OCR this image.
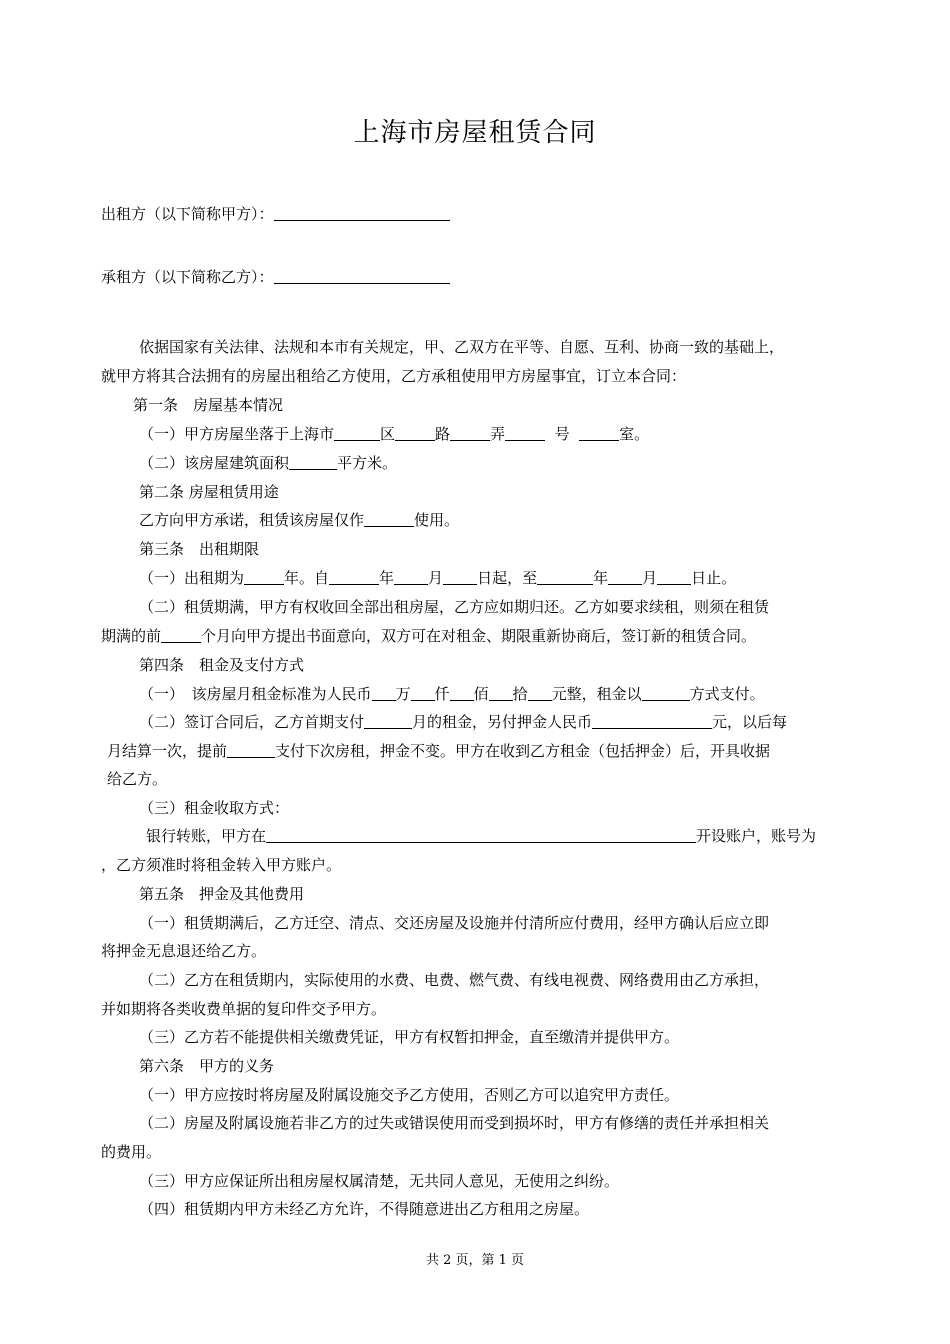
上海市房屋租赁合同
出租方（以下简称甲方）：
承租方（以下简称乙方）：
依据国家有关法律、法规和本市有关规定，甲、乙双方在平等、自愿、互利、协商一致的基础上，
就甲方将其合法拥有的房屋出租给乙方使用，乙方承租使用甲方房屋事宜，订立本合同：
第一条　房屋基本情况
（一）甲方房屋坐落于上海市	区	路	弄	号	室。
（二）该房屋建筑面积	平方米。
第二条 房屋租赁用途
乙方向甲方承诺，租赁该房屋仅作	使用。
第三条　出租期限
（一）出租期为	年。自	年 月 日起，至	年 月 日止。
（二）租赁期满，甲方有权收回全部出租房屋，乙方应如期归还。乙方如要求续租，则须在租赁
期满的前	个月向甲方提出书面意向，双方可在对租金、期限重新协商后，签订新的租赁合同。
第四条　租金及支付方式
（一）　该房屋月租金标准为人民币 万 仟 佰 拾 元整，租金以	方式支付。
（二）签订合同后，乙方首期支付	月的租金，另付押金人民币	元，以后每
月结算一次，提前	支付下次房租，押金不变。甲方在收到乙方租金（包括押金）后，开具收据
给乙方。
（三）租金收取方式：
银行转账，甲方在	开设账户，账号为
，乙方须准时将租金转入甲方账户。
第五条　押金及其他费用
（一）租赁期满后，乙方迁空、清点、交还房屋及设施并付清所应付费用，经甲方确认后应立即
将押金无息退还给乙方。
（二）乙方在租赁期内，实际使用的水费、电费、燃气费、有线电视费、网络费用由乙方承担，
并如期将各类收费单据的复印件交予甲方。
（三）乙方若不能提供相关缴费凭证，甲方有权暂扣押金，直至缴清并提供甲方。
第六条　甲方的义务
（一）甲方应按时将房屋及附属设施交予乙方使用，否则乙方可以追究甲方责任。
（二）房屋及附属设施若非乙方的过失或错误使用而受到损坏时，甲方有修缮的责任并承担相关
的费用。
（三）甲方应保证所出租房屋权属清楚，无共同人意见，无使用之纠纷。
（四）租赁期内甲方未经乙方允许，不得随意进出乙方租用之房屋。
共 2 页，第 1 页
